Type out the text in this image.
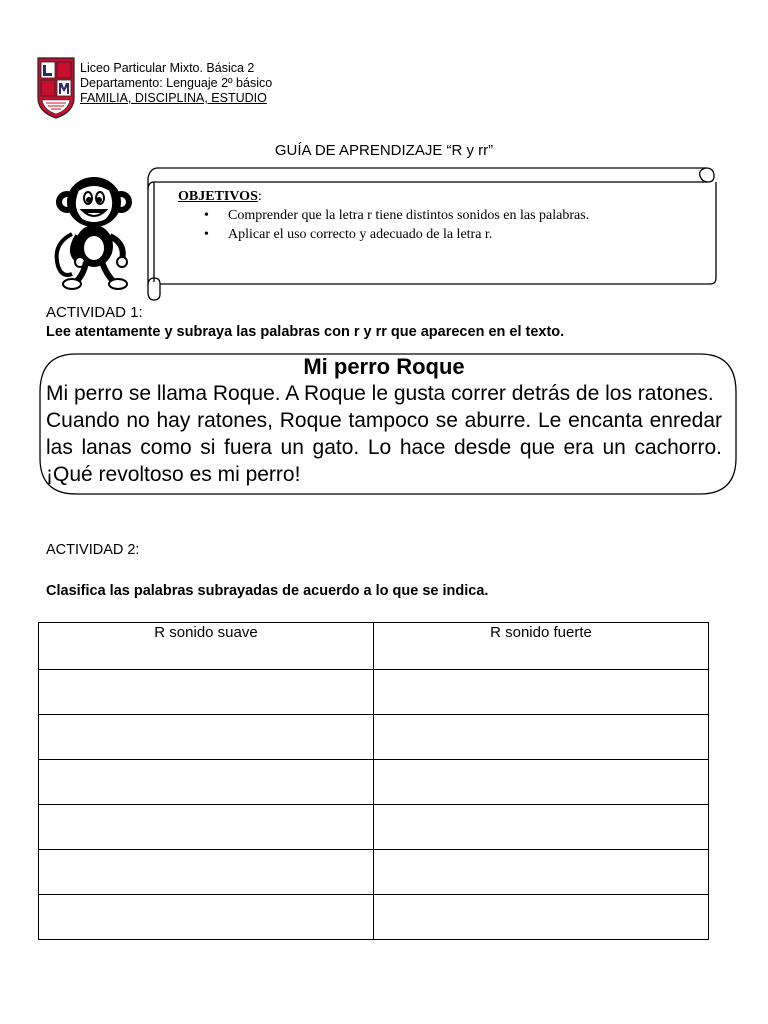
Liceo Particular Mixto. Básica 2
Departamento: Lenguaje 2º básico
FAMILIA, DISCIPLINA, ESTUDIO
GUÍA DE APRENDIZAJE “R y rr”
OBJETIVOS:
• Comprender que la letra r tiene distintos sonidos en las palabras.
• Aplicar el uso correcto y adecuado de la letra r.
ACTIVIDAD 1:
Lee atentamente y subraya las palabras con r y rr que aparecen en el texto.
Mi perro Roque

Mi perro se llama Roque. A Roque le gusta correr detrás de los ratones.

Cuando no hay ratones, Roque tampoco se aburre. Le encanta enredar las lanas como si fuera un gato. Lo hace desde que era un cachorro. ¡Qué revoltoso es mi perro!

ACTIVIDAD 2:
Clasifica las palabras subrayadas de acuerdo a lo que se indica.
R sonido suave	R sonido fuerte
